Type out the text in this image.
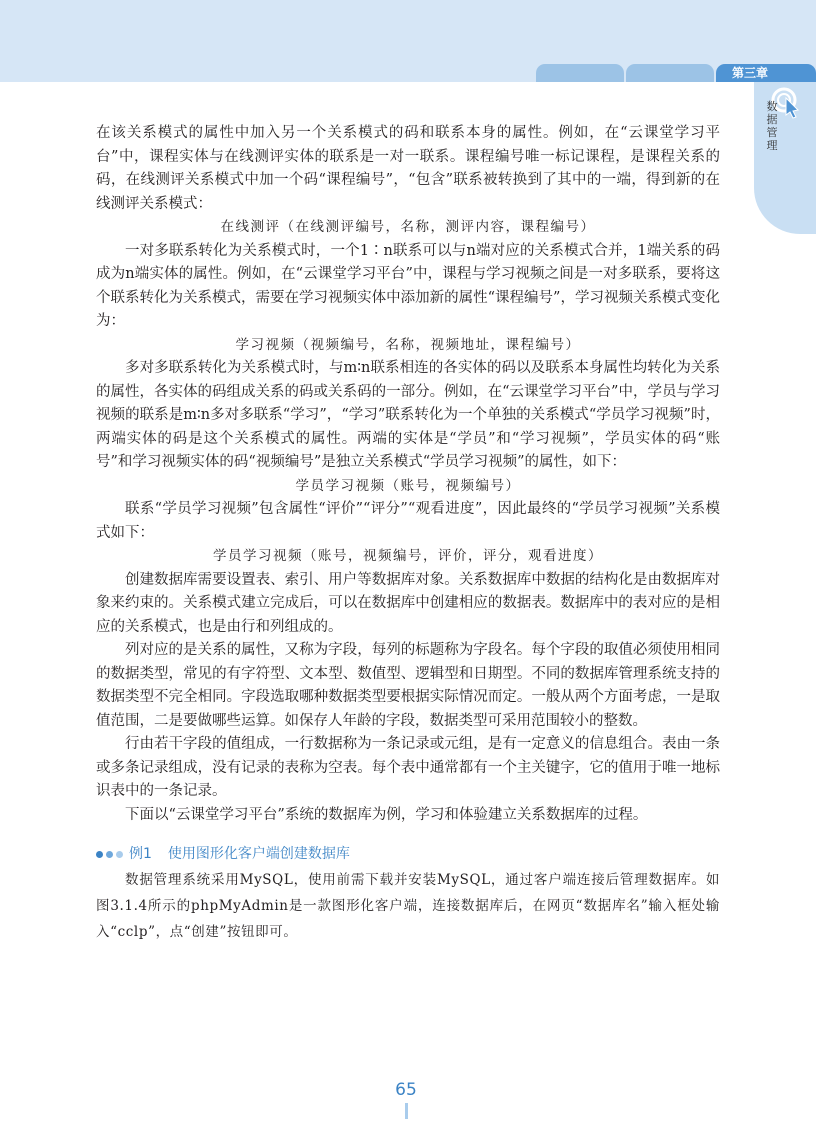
第三章
数
据
管
理

在该关系模式的属性中加入另一个关系模式的码和联系本身的属性。例如，在“云课堂学习平台”中，课程实体与在线测评实体的联系是一对一联系。课程编号唯一标记课程，是课程关系的码，在线测评关系模式中加一个码“课程编号”，“包含”联系被转换到了其中的一端，得到新的在线测评关系模式：

在线测评（在线测评编号，名称，测评内容，课程编号）

一对多联系转化为关系模式时，一个1∶n联系可以与n端对应的关系模式合并，1端关系的码成为n端实体的属性。例如，在“云课堂学习平台”中，课程与学习视频之间是一对多联系，要将这个联系转化为关系模式，需要在学习视频实体中添加新的属性“课程编号”，学习视频关系模式变化为：

学习视频（视频编号，名称，视频地址，课程编号）

多对多联系转化为关系模式时，与m∶n联系相连的各实体的码以及联系本身属性均转化为关系的属性，各实体的码组成关系的码或关系码的一部分。例如，在“云课堂学习平台”中，学员与学习视频的联系是m∶n多对多联系“学习”，“学习”联系转化为一个单独的关系模式“学员学习视频”时，两端实体的码是这个关系模式的属性。两端的实体是“学员”和“学习视频”，学员实体的码“账号”和学习视频实体的码“视频编号”是独立关系模式“学员学习视频”的属性，如下：

学员学习视频（账号，视频编号）

联系“学员学习视频”包含属性“评价”“评分”“观看进度”，因此最终的“学员学习视频”关系模式如下：

学员学习视频（账号，视频编号，评价，评分，观看进度）

创建数据库需要设置表、索引、用户等数据库对象。关系数据库中数据的结构化是由数据库对象来约束的。关系模式建立完成后，可以在数据库中创建相应的数据表。数据库中的表对应的是相应的关系模式，也是由行和列组成的。

列对应的是关系的属性，又称为字段，每列的标题称为字段名。每个字段的取值必须使用相同的数据类型，常见的有字符型、文本型、数值型、逻辑型和日期型。不同的数据库管理系统支持的数据类型不完全相同。字段选取哪种数据类型要根据实际情况而定。一般从两个方面考虑，一是取值范围，二是要做哪些运算。如保存人年龄的字段，数据类型可采用范围较小的整数。

行由若干字段的值组成，一行数据称为一条记录或元组，是有一定意义的信息组合。表由一条或多条记录组成，没有记录的表称为空表。每个表中通常都有一个主关键字，它的值用于唯一地标识表中的一条记录。

下面以“云课堂学习平台”系统的数据库为例，学习和体验建立关系数据库的过程。

例1 使用图形化客户端创建数据库

数据管理系统采用MySQL，使用前需下载并安装MySQL，通过客户端连接后管理数据库。如图3.1.4所示的phpMyAdmin是一款图形化客户端，连接数据库后，在网页“数据库名”输入框处输入“cclp”，点“创建”按钮即可。

65
